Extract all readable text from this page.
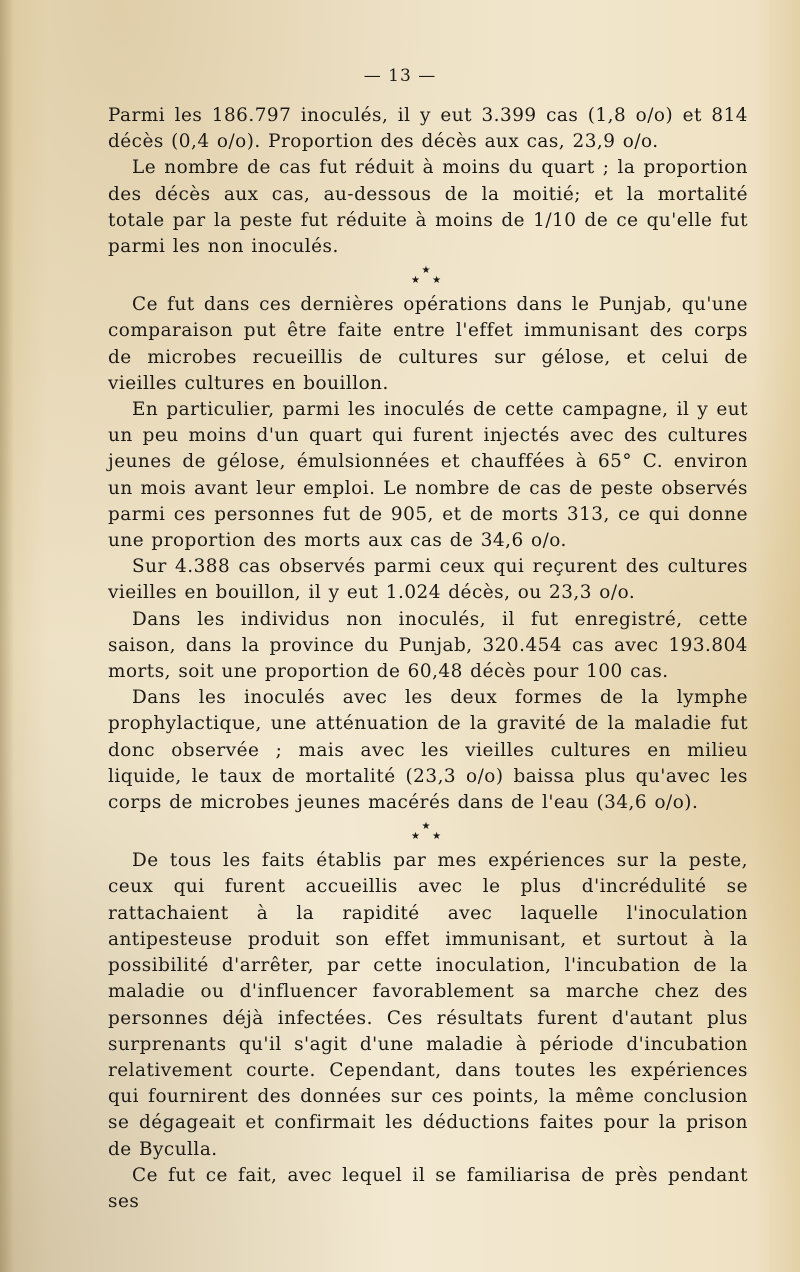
— 13 —

Parmi les 186.797 inoculés, il y eut 3.399 cas (1,8 o/o) et 814 décès (0,4 o/o). Proportion des décès aux cas, 23,9 o/o.

Le nombre de cas fut réduit à moins du quart ; la proportion des décès aux cas, au-dessous de la moitié; et la mortalité totale par la peste fut réduite à moins de 1/10 de ce qu'elle fut parmi les non inoculés.

★
★ ★

Ce fut dans ces dernières opérations dans le Punjab, qu'une comparaison put être faite entre l'effet immunisant des corps de microbes recueillis de cultures sur gélose, et celui de vieilles cultures en bouillon.

En particulier, parmi les inoculés de cette campagne, il y eut un peu moins d'un quart qui furent injectés avec des cultures jeunes de gélose, émulsionnées et chauffées à 65° C. environ un mois avant leur emploi. Le nombre de cas de peste observés parmi ces personnes fut de 905, et de morts 313, ce qui donne une proportion des morts aux cas de 34,6 o/o.

Sur 4.388 cas observés parmi ceux qui reçurent des cultures vieilles en bouillon, il y eut 1.024 décès, ou 23,3 o/o.

Dans les individus non inoculés, il fut enregistré, cette saison, dans la province du Punjab, 320.454 cas avec 193.804 morts, soit une proportion de 60,48 décès pour 100 cas.

Dans les inoculés avec les deux formes de la lymphe prophylactique, une atténuation de la gravité de la maladie fut donc observée ; mais avec les vieilles cultures en milieu liquide, le taux de mortalité (23,3 o/o) baissa plus qu'avec les corps de microbes jeunes macérés dans de l'eau (34,6 o/o).

★
★ ★

De tous les faits établis par mes expériences sur la peste, ceux qui furent accueillis avec le plus d'incrédulité se rattachaient à la rapidité avec laquelle l'inoculation antipesteuse produit son effet immunisant, et surtout à la possibilité d'arrêter, par cette inoculation, l'incubation de la maladie ou d'influencer favorablement sa marche chez des personnes déjà infectées. Ces résultats furent d'autant plus surprenants qu'il s'agit d'une maladie à période d'incubation relativement courte. Cependant, dans toutes les expériences qui fournirent des données sur ces points, la même conclusion se dégageait et confirmait les déductions faites pour la prison de Byculla.

Ce fut ce fait, avec lequel il se familiarisa de près pendant ses
